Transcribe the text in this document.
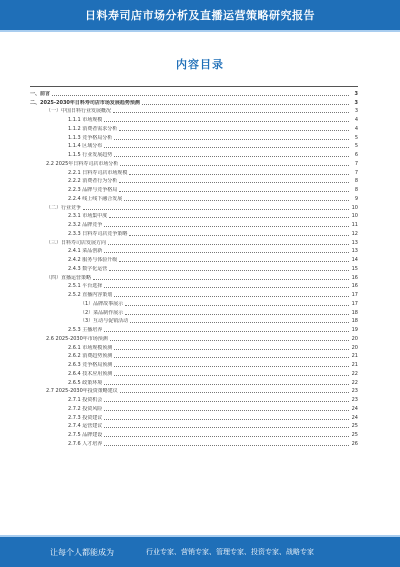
日料寿司店市场分析及直播运营策略研究报告
内容目录
一、前言	3
二、2025-2030年日料寿司店市场发展趋势预测	3
（一）中国日料行业发展概况	3
1.1.1 市场规模	4
1.1.2 消费者需求分析	4
1.1.3 竞争格局分析	5
1.1.4 区域分布	5
1.1.5 行业发展趋势	6
2.2 2025年日料寿司店市场分析	7
2.2.1 日料寿司店市场规模	7
2.2.2 消费者行为分析	8
2.2.3 品牌与竞争格局	8
2.2.4 线上线下融合发展	9
（二）行业竞争	10
2.3.1 市场集中度	10
2.3.2 品牌竞争	11
2.3.3 日料寿司店竞争策略	12
（三）日料寿司店发展方向	13
2.4.1 菜品创新	13
2.4.2 服务与体验升级	14
2.4.3 数字化运营	15
（四）直播运营策略	16
2.5.1 平台选择	16
2.5.2 直播内容策划	17
（1）品牌故事展示	17
（2）菜品制作展示	18
（3）互动与促销活动	18
2.5.3 主播培养	19
2.6 2025-2030年市场预测	20
2.6.1 市场规模预测	20
2.6.2 消费趋势预测	21
2.6.3 竞争格局预测	21
2.6.4 技术应用预测	22
2.6.5 政策环境	22
2.7 2025-2030年投资策略建议	23
2.7.1 投资机会	23
2.7.2 投资风险	24
2.7.3 投资建议	24
2.7.4 运营建议	25
2.7.5 品牌建设	25
2.7.6 人才培养	26
让每个人都能成为	行业专家、营销专家、管理专家、投资专家、战略专家
